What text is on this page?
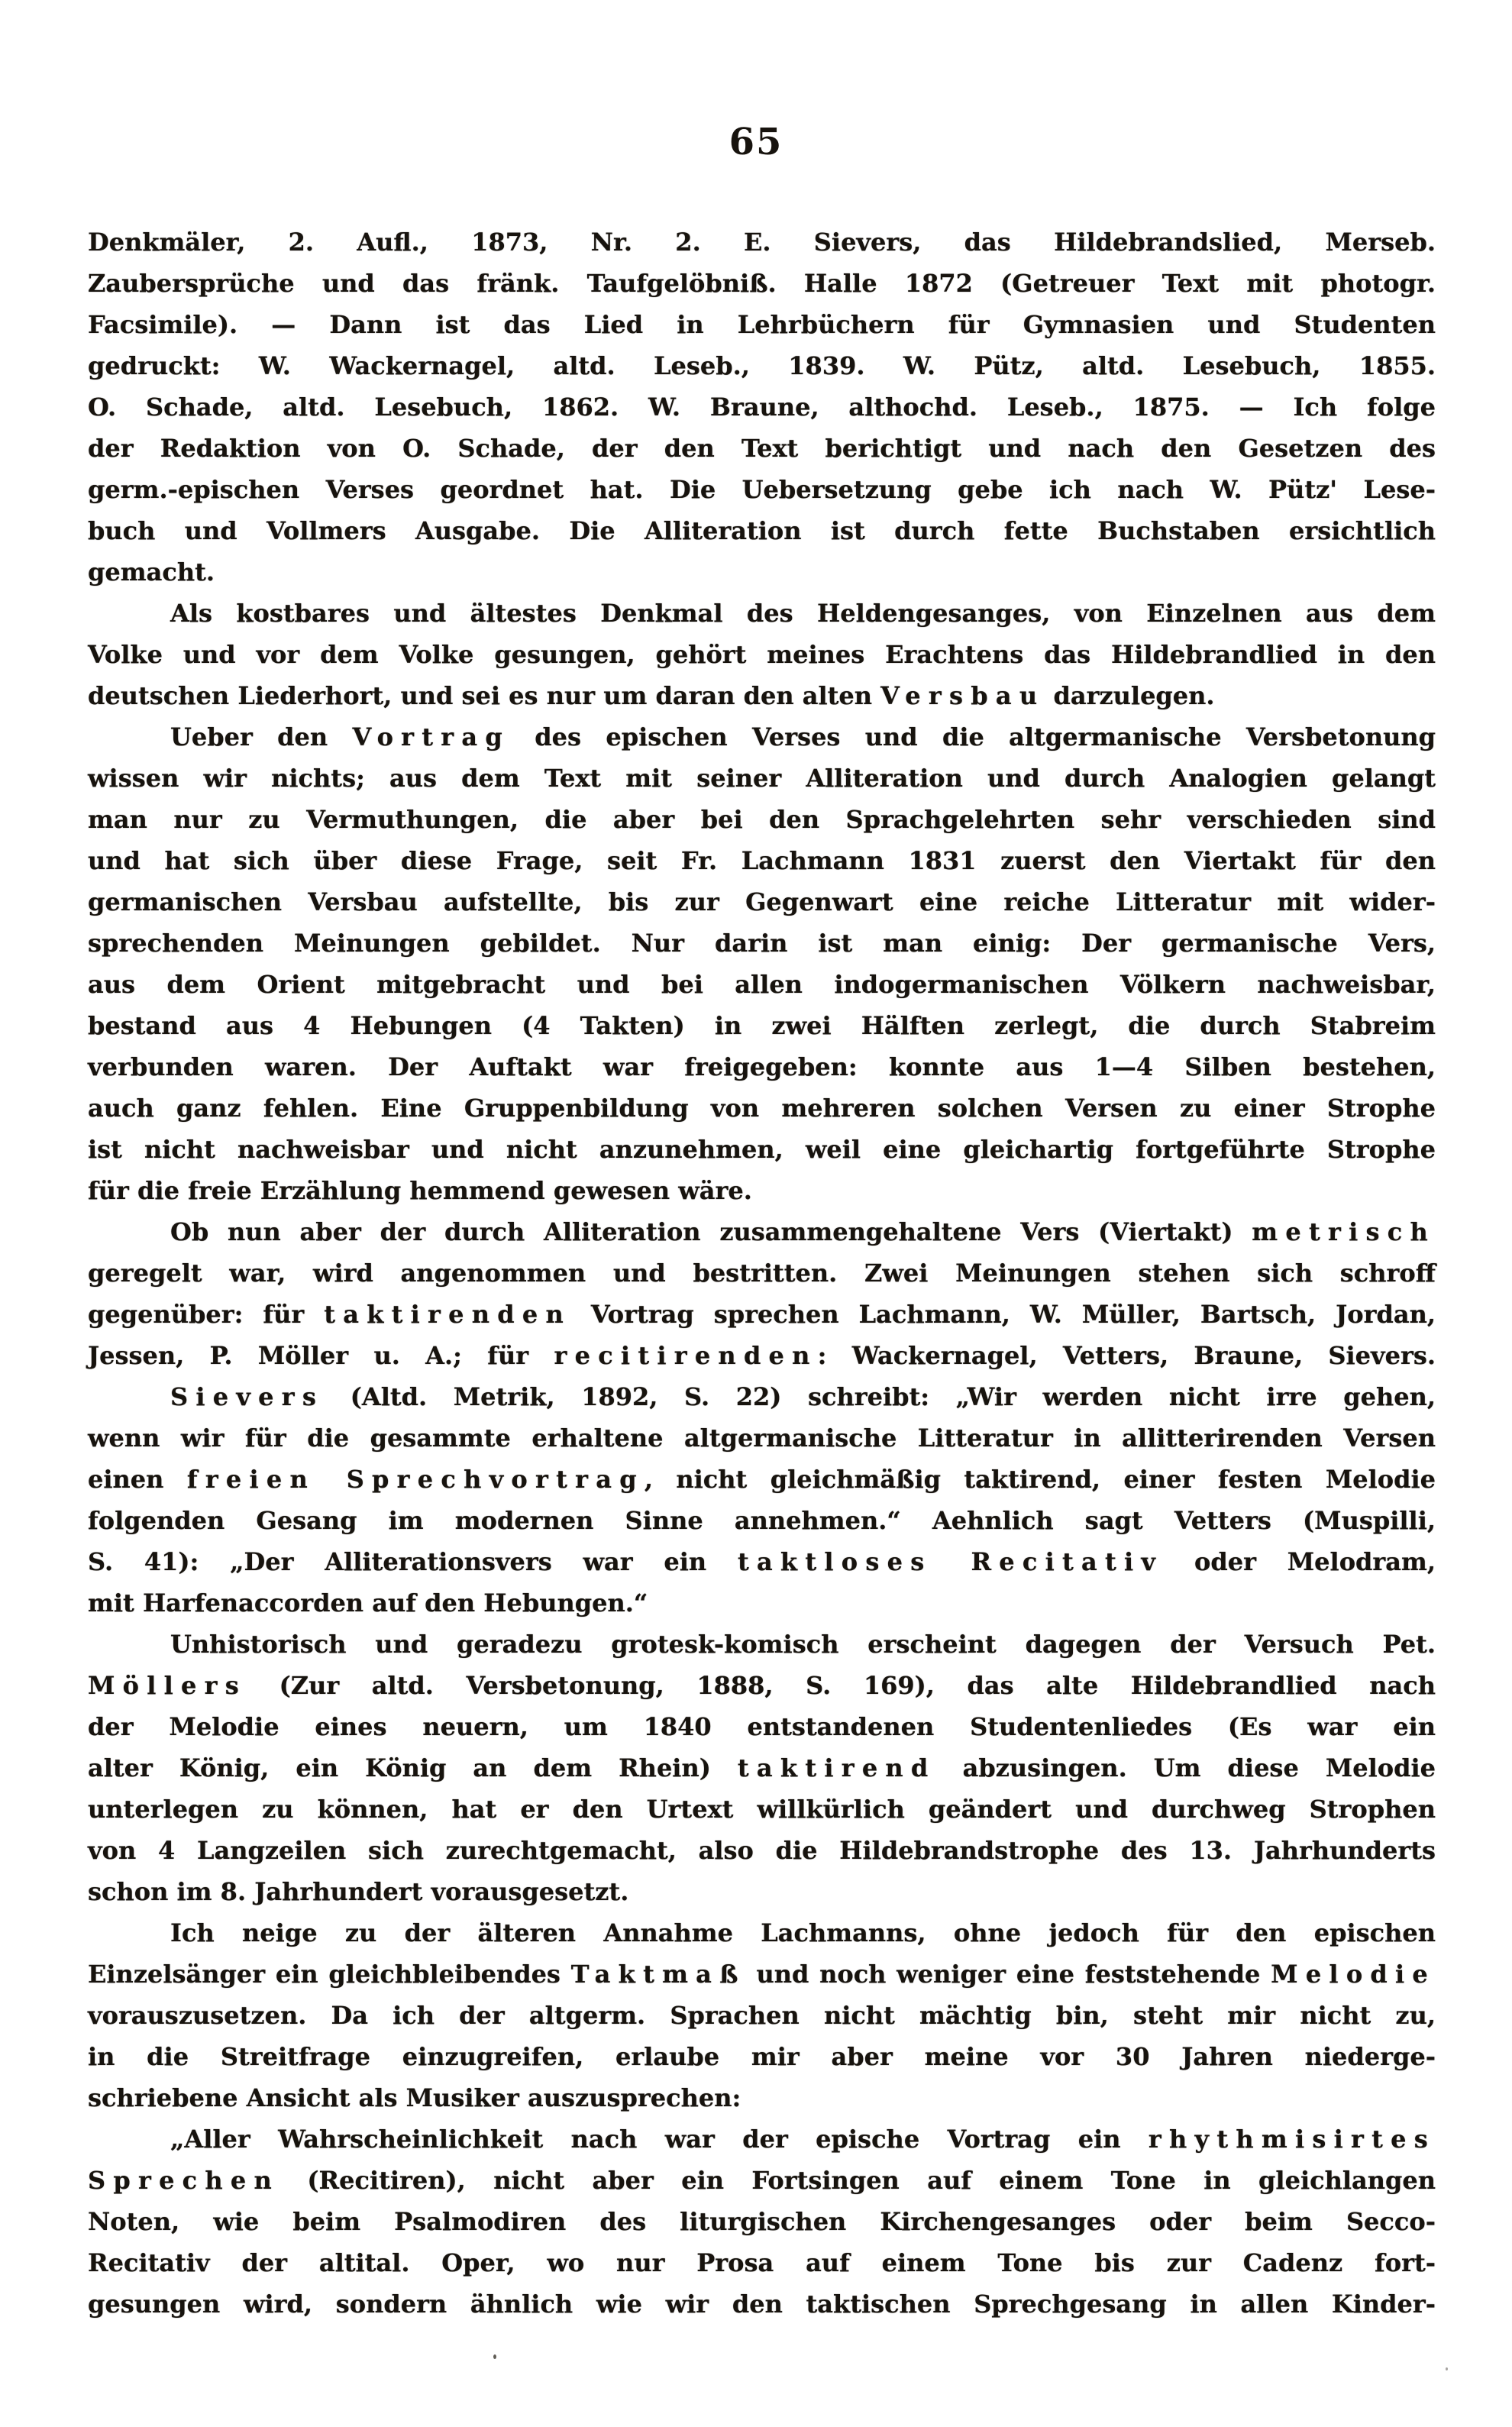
65
Denkmäler, 2. Aufl., 1873, Nr. 2. E. Sievers, das Hildebrandslied, Merseb.
Zaubersprüche und das fränk. Taufgelöbniß. Halle 1872 (Getreuer Text mit photogr.
Facsimile). — Dann ist das Lied in Lehrbüchern für Gymnasien und Studenten
gedruckt: W. Wackernagel, altd. Leseb., 1839. W. Pütz, altd. Lesebuch, 1855.
O. Schade, altd. Lesebuch, 1862. W. Braune, althochd. Leseb., 1875. — Ich folge
der Redaktion von O. Schade, der den Text berichtigt und nach den Gesetzen des
germ.-epischen Verses geordnet hat. Die Uebersetzung gebe ich nach W. Pütz' Lese-
buch und Vollmers Ausgabe. Die Alliteration ist durch fette Buchstaben ersichtlich
gemacht.
Als kostbares und ältestes Denkmal des Heldengesanges, von Einzelnen aus dem
Volke und vor dem Volke gesungen, gehört meines Erachtens das Hildebrandlied in den
deutschen Liederhort, und sei es nur um daran den alten Versbau darzulegen.
Ueber den Vortrag des epischen Verses und die altgermanische Versbetonung
wissen wir nichts; aus dem Text mit seiner Alliteration und durch Analogien gelangt
man nur zu Vermuthungen, die aber bei den Sprachgelehrten sehr verschieden sind
und hat sich über diese Frage, seit Fr. Lachmann 1831 zuerst den Viertakt für den
germanischen Versbau aufstellte, bis zur Gegenwart eine reiche Litteratur mit wider-
sprechenden Meinungen gebildet. Nur darin ist man einig: Der germanische Vers,
aus dem Orient mitgebracht und bei allen indogermanischen Völkern nachweisbar,
bestand aus 4 Hebungen (4 Takten) in zwei Hälften zerlegt, die durch Stabreim
verbunden waren. Der Auftakt war freigegeben: konnte aus 1—4 Silben bestehen,
auch ganz fehlen. Eine Gruppenbildung von mehreren solchen Versen zu einer Strophe
ist nicht nachweisbar und nicht anzunehmen, weil eine gleichartig fortgeführte Strophe
für die freie Erzählung hemmend gewesen wäre.
Ob nun aber der durch Alliteration zusammengehaltene Vers (Viertakt) metrisch
geregelt war, wird angenommen und bestritten. Zwei Meinungen stehen sich schroff
gegenüber: für taktirenden Vortrag sprechen Lachmann, W. Müller, Bartsch, Jordan,
Jessen, P. Möller u. A.; für recitirenden: Wackernagel, Vetters, Braune, Sievers.
Sievers (Altd. Metrik, 1892, S. 22) schreibt: „Wir werden nicht irre gehen,
wenn wir für die gesammte erhaltene altgermanische Litteratur in allitterirenden Versen
einen freien Sprechvortrag, nicht gleichmäßig taktirend, einer festen Melodie
folgenden Gesang im modernen Sinne annehmen.“ Aehnlich sagt Vetters (Muspilli,
S. 41): „Der Alliterationsvers war ein taktloses Recitativ oder Melodram,
mit Harfenaccorden auf den Hebungen.“
Unhistorisch und geradezu grotesk-komisch erscheint dagegen der Versuch Pet.
Möllers (Zur altd. Versbetonung, 1888, S. 169), das alte Hildebrandlied nach
der Melodie eines neuern, um 1840 entstandenen Studentenliedes (Es war ein
alter König, ein König an dem Rhein) taktirend abzusingen. Um diese Melodie
unterlegen zu können, hat er den Urtext willkürlich geändert und durchweg Strophen
von 4 Langzeilen sich zurechtgemacht, also die Hildebrandstrophe des 13. Jahrhunderts
schon im 8. Jahrhundert vorausgesetzt.
Ich neige zu der älteren Annahme Lachmanns, ohne jedoch für den epischen
Einzelsänger ein gleichbleibendes Taktmaß und noch weniger eine feststehende Melodie
vorauszusetzen. Da ich der altgerm. Sprachen nicht mächtig bin, steht mir nicht zu,
in die Streitfrage einzugreifen, erlaube mir aber meine vor 30 Jahren niederge-
schriebene Ansicht als Musiker auszusprechen:
„Aller Wahrscheinlichkeit nach war der epische Vortrag ein rhythmisirtes
Sprechen (Recitiren), nicht aber ein Fortsingen auf einem Tone in gleichlangen
Noten, wie beim Psalmodiren des liturgischen Kirchengesanges oder beim Secco-
Recitativ der altital. Oper, wo nur Prosa auf einem Tone bis zur Cadenz fort-
gesungen wird, sondern ähnlich wie wir den taktischen Sprechgesang in allen Kinder-
